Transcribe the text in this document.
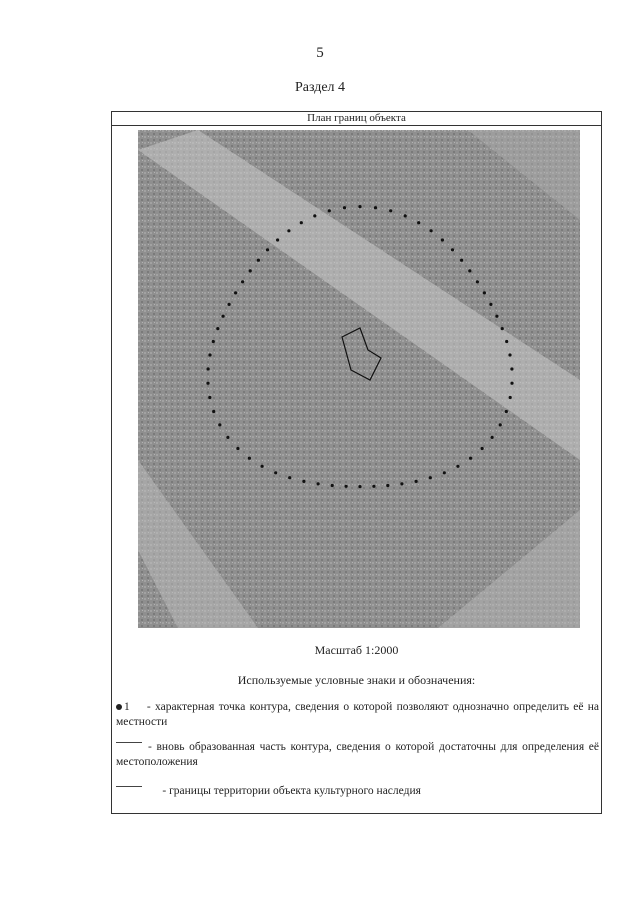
5
Раздел 4
План границ объекта
Масштаб 1:2000
Используемые условные знаки и обозначения:
1 - характерная точка контура, сведения о которой позволяют однозначно определить её на местности
- вновь образованная часть контура, сведения о которой достаточны для определения её местоположения
- границы территории объекта культурного наследия
